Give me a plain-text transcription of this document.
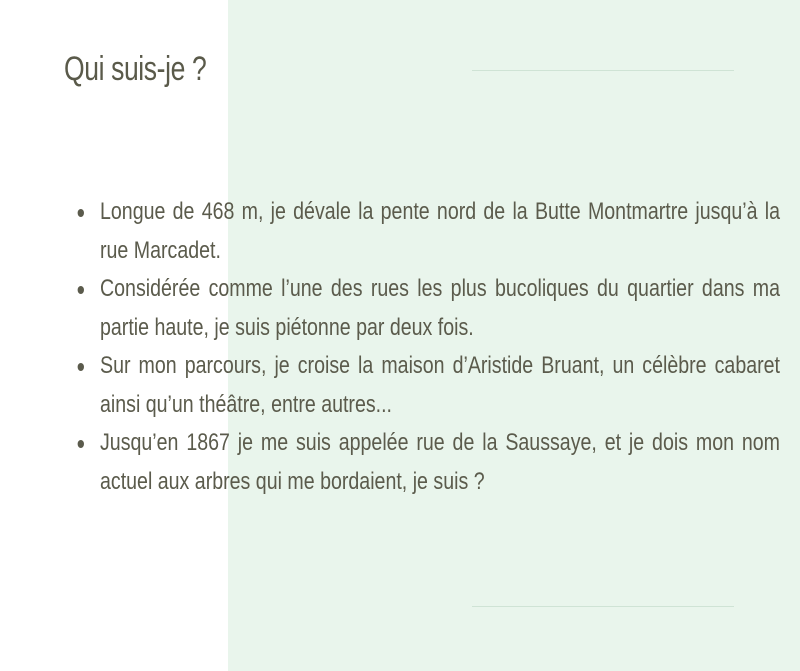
Qui suis-je ?
Longue de 468 m, je dévale la pente nord de la Butte Montmartre jusqu’à la rue Marcadet.
Considérée comme l’une des rues les plus bucoliques du quartier dans ma partie haute, je suis piétonne par deux fois.
Sur mon parcours, je croise la maison d’Aristide Bruant, un célèbre cabaret ainsi qu’un théâtre, entre autres...
Jusqu’en 1867 je me suis appelée rue de la Saussaye, et je dois mon nom actuel aux arbres qui me bordaient, je suis ?
